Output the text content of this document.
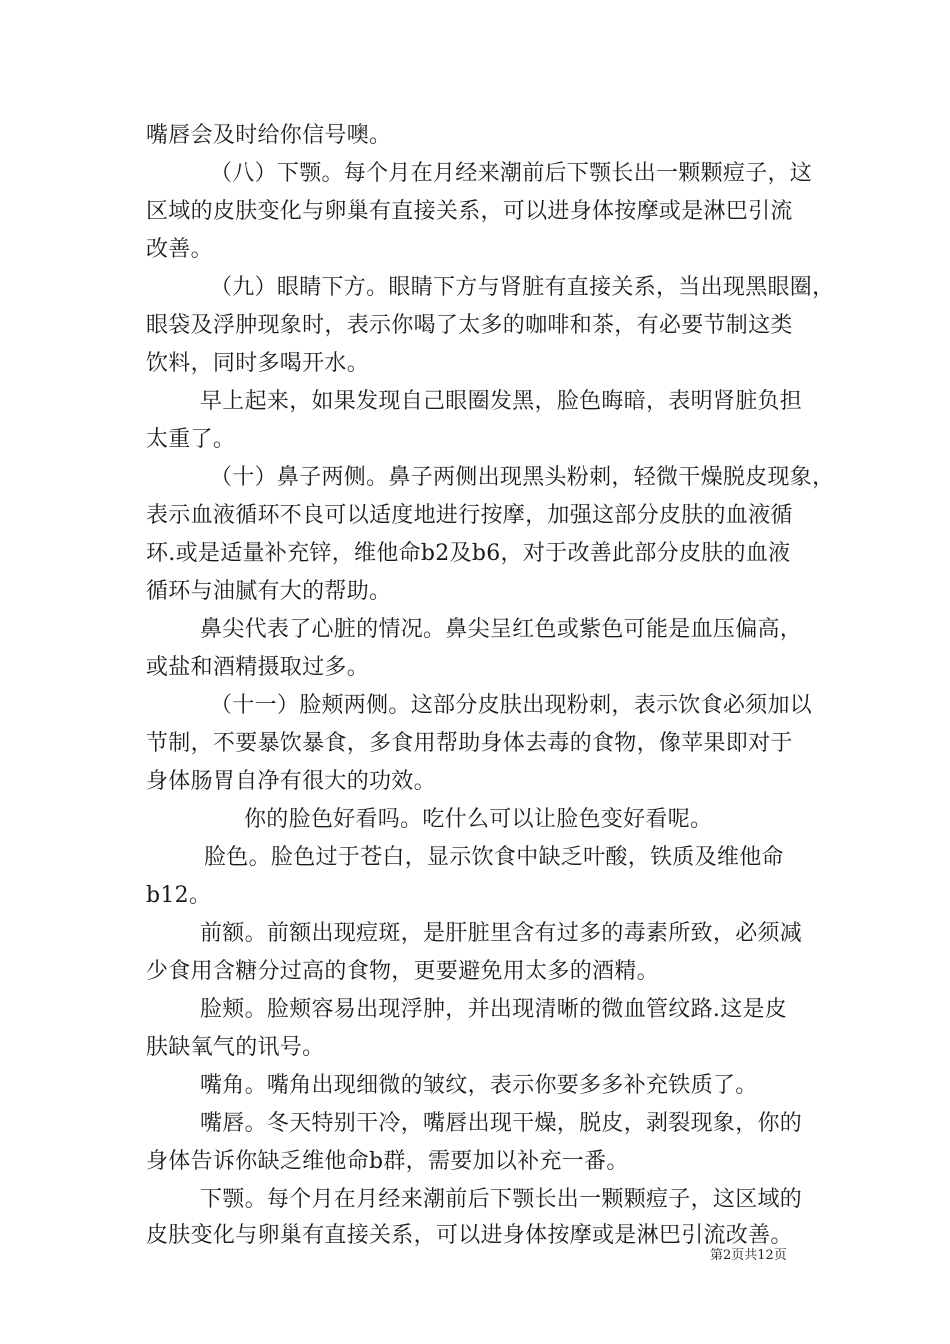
嘴唇会及时给你信号噢。
（八）下颚。每个月在月经来潮前后下颚长出一颗颗痘子，这
区域的皮肤变化与卵巢有直接关系，可以进身体按摩或是淋巴引流
改善。
（九）眼睛下方。眼睛下方与肾脏有直接关系，当出现黑眼圈，
眼袋及浮肿现象时，表示你喝了太多的咖啡和茶，有必要节制这类
饮料，同时多喝开水。
早上起来，如果发现自己眼圈发黑，脸色晦暗，表明肾脏负担
太重了。
（十）鼻子两侧。鼻子两侧出现黑头粉刺，轻微干燥脱皮现象，
表示血液循环不良可以适度地进行按摩，加强这部分皮肤的血液循
环.或是适量补充锌，维他命b2及b6，对于改善此部分皮肤的血液
循环与油腻有大的帮助。
鼻尖代表了心脏的情况。鼻尖呈红色或紫色可能是血压偏高，
或盐和酒精摄取过多。
（十一）脸颊两侧。这部分皮肤出现粉刺，表示饮食必须加以
节制，不要暴饮暴食，多食用帮助身体去毒的食物，像苹果即对于
身体肠胃自净有很大的功效。
你的脸色好看吗。吃什么可以让脸色变好看呢。
脸色。脸色过于苍白，显示饮食中缺乏叶酸，铁质及维他命
b12。
前额。前额出现痘斑，是肝脏里含有过多的毒素所致，必须减
少食用含糖分过高的食物，更要避免用太多的酒精。
脸颊。脸颊容易出现浮肿，并出现清晰的微血管纹路.这是皮
肤缺氧气的讯号。
嘴角。嘴角出现细微的皱纹，表示你要多多补充铁质了。
嘴唇。冬天特别干冷，嘴唇出现干燥，脱皮，剥裂现象，你的
身体告诉你缺乏维他命b群，需要加以补充一番。
下颚。每个月在月经来潮前后下颚长出一颗颗痘子，这区域的
皮肤变化与卵巢有直接关系，可以进身体按摩或是淋巴引流改善。
第2页共12页
